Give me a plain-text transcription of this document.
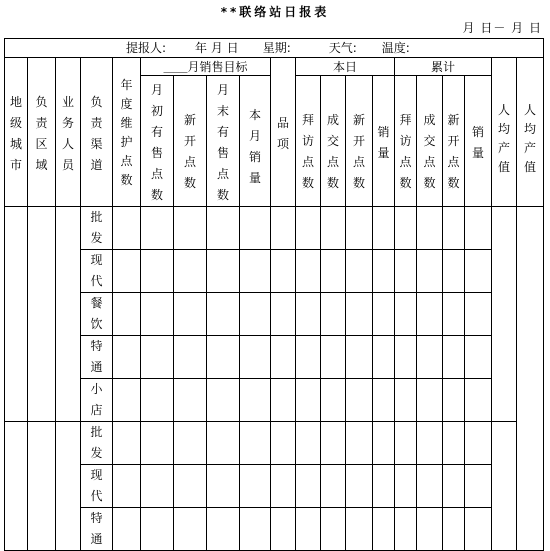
**联络站日报表
月 日－ 月 日
提报人: 年 月 日 星期: 天气: 温度:																			
地级城市	负责区域	业务人员	负责渠道	年度维护点数	＿＿月销售目标				品项	本日				累计				人均产值	人均产值
					月初有售点数	新开点数	月末有售点数	本月销量		拜访点数	成交点数	新开点数	销量	拜访点数	成交点数	新开点数	销量		
			批发																
			现代																
			餐饮																
			特通																
			小店																
			批发																
			现代																
			特通																
